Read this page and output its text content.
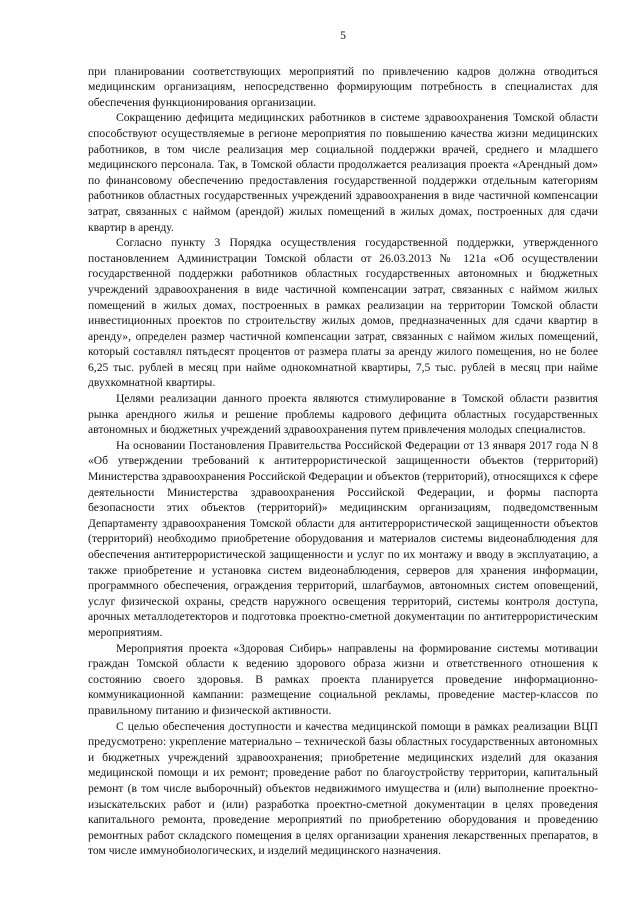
5

при планировании соответствующих мероприятий по привлечению кадров должна отводиться медицинским организациям, непосредственно формирующим потребность в специалистах для обеспечения функционирования организации.

Сокращению дефицита медицинских работников в системе здравоохранения Томской области способствуют осуществляемые в регионе мероприятия по повышению качества жизни медицинских работников, в том числе реализация мер социальной поддержки врачей, среднего и младшего медицинского персонала. Так, в Томской области продолжается реализация проекта «Арендный дом» по финансовому обеспечению предоставления государственной поддержки отдельным категориям работников областных государственных учреждений здравоохранения в виде частичной компенсации затрат, связанных с наймом (арендой) жилых помещений в жилых домах, построенных для сдачи квартир в аренду.

Согласно пункту 3 Порядка осуществления государственной поддержки, утвержденного постановлением Администрации Томской области от 26.03.2013 № 121а «Об осуществлении государственной поддержки работников областных государственных автономных и бюджетных учреждений здравоохранения в виде частичной компенсации затрат, связанных с наймом жилых помещений в жилых домах, построенных в рамках реализации на территории Томской области инвестиционных проектов по строительству жилых домов, предназначенных для сдачи квартир в аренду», определен размер частичной компенсации затрат, связанных с наймом жилых помещений, который составлял пятьдесят процентов от размера платы за аренду жилого помещения, но не более 6,25 тыс. рублей в месяц при найме однокомнатной квартиры, 7,5 тыс. рублей в месяц при найме двухкомнатной квартиры.

Целями реализации данного проекта являются стимулирование в Томской области развития рынка арендного жилья и решение проблемы кадрового дефицита областных государственных автономных и бюджетных учреждений здравоохранения путем привлечения молодых специалистов.

На основании Постановления Правительства Российской Федерации от 13 января 2017 года N 8 «Об утверждении требований к антитеррористической защищенности объектов (территорий) Министерства здравоохранения Российской Федерации и объектов (территорий), относящихся к сфере деятельности Министерства здравоохранения Российской Федерации, и формы паспорта безопасности этих объектов (территорий)» медицинским организациям, подведомственным Департаменту здравоохранения Томской области для антитеррористической защищенности объектов (территорий) необходимо приобретение оборудования и материалов системы видеонаблюдения для обеспечения антитеррористической защищенности и услуг по их монтажу и вводу в эксплуатацию, а также приобретение и установка систем видеонаблюдения, серверов для хранения информации, программного обеспечения, ограждения территорий, шлагбаумов, автономных систем оповещений, услуг физической охраны, средств наружного освещения территорий, системы контроля доступа, арочных металлодетекторов и подготовка проектно-сметной документации по антитеррористическим мероприятиям.

Мероприятия проекта «Здоровая Сибирь» направлены на формирование системы мотивации граждан Томской области к ведению здорового образа жизни и ответственного отношения к состоянию своего здоровья. В рамках проекта планируется проведение информационно-коммуникационной кампании: размещение социальной рекламы, проведение мастер-классов по правильному питанию и физической активности.

С целью обеспечения доступности и качества медицинской помощи в рамках реализации ВЦП предусмотрено: укрепление материально – технической базы областных государственных автономных и бюджетных учреждений здравоохранения; приобретение медицинских изделий для оказания медицинской помощи и их ремонт; проведение работ по благоустройству территории, капитальный ремонт (в том числе выборочный) объектов недвижимого имущества и (или) выполнение проектно-изыскательских работ и (или) разработка проектно-сметной документации в целях проведения капитального ремонта, проведение мероприятий по приобретению оборудования и проведению ремонтных работ складского помещения в целях организации хранения лекарственных препаратов, в том числе иммунобиологических, и изделий медицинского назначения.
